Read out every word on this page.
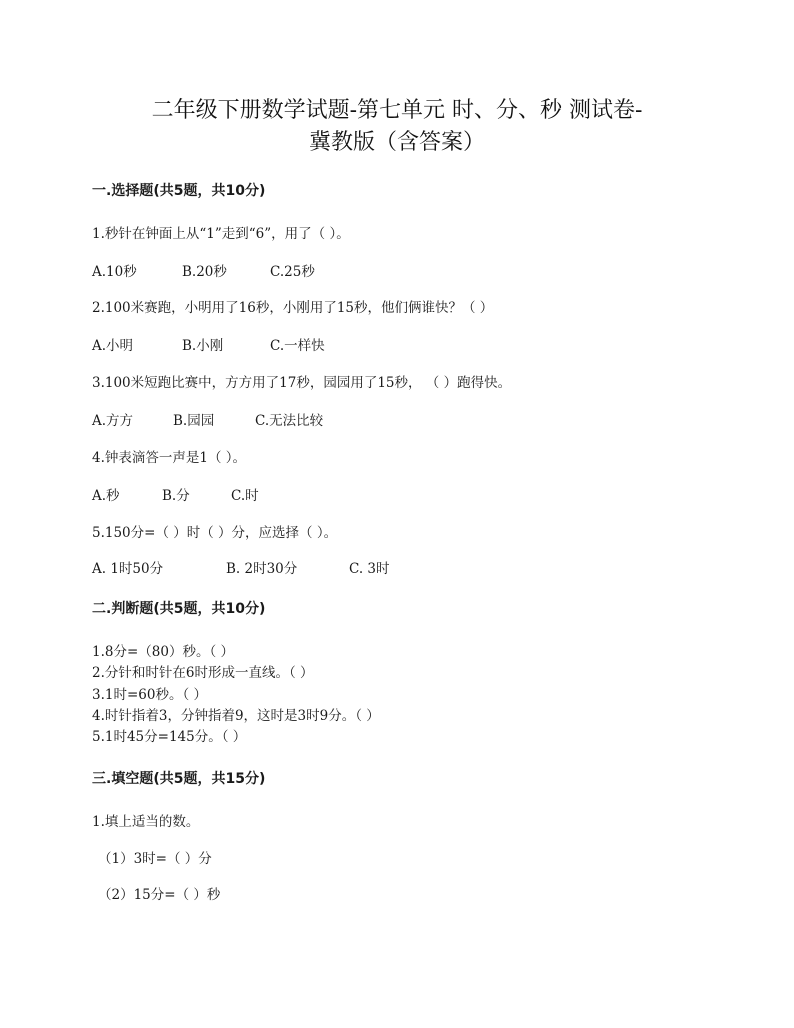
二年级下册数学试题-第七单元 时、分、秒 测试卷-
冀教版（含答案）
一.选择题(共5题，共10分)
1.秒针在钟面上从“1”走到“6”，用了（ ）。
A.10秒	B.20秒	C.25秒
2.100米赛跑，小明用了16秒，小刚用了15秒，他们俩谁快？（ ）
A.小明	B.小刚	C.一样快
3.100米短跑比赛中，方方用了17秒，园园用了15秒， （ ）跑得快。
A.方方	B.园园	C.无法比较
4.钟表滴答一声是1（ ）。
A.秒	B.分	C.时
5.150分=（ ）时（ ）分，应选择（ ）。
A. 1时50分	B. 2时30分	C. 3时
二.判断题(共5题，共10分)
1.8分=（80）秒。（ ）
2.分针和时针在6时形成一直线。（ ）
3.1时=60秒。（ ）
4.时针指着3，分钟指着9，这时是3时9分。（ ）
5.1时45分=145分。（ ）
三.填空题(共5题，共15分)
1.填上适当的数。
（1）3时=（ ）分
（2）15分=（ ）秒
